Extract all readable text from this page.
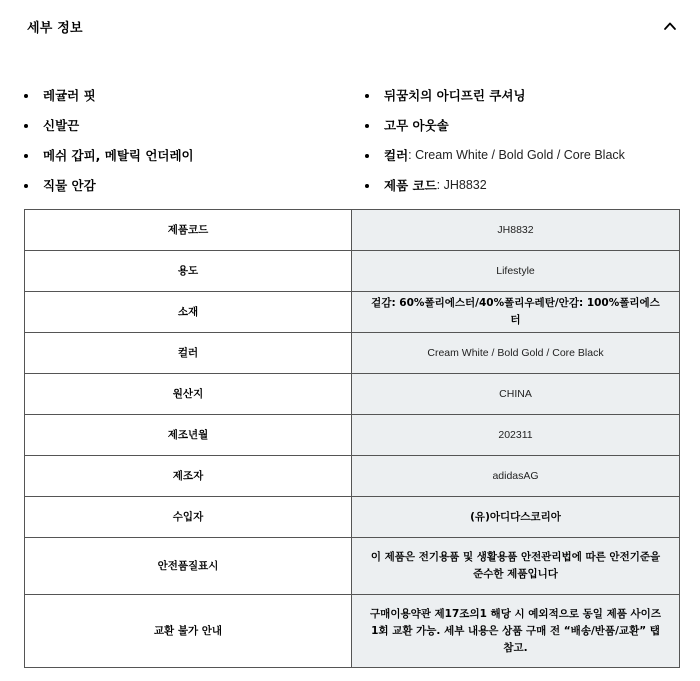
세부 정보
레귤러 핏
신발끈
메쉬 갑피, 메탈릭 언더레이
직물 안감
뒤꿈치의 아디프린 쿠셔닝
고무 아웃솔
컬러 : Cream White / Bold Gold / Core Black
제품 코드 : JH8832
제품코드	JH8832
용도	Lifestyle
소재	겉감: 60%폴리에스터/40%폴리우레탄/안감: 100%폴리에스터
컬러	Cream White / Bold Gold / Core Black
원산지	CHINA
제조년월	202311
제조자	adidasAG
수입자	(유)아디다스코리아
안전품질표시	이 제품은 전기용품 및 생활용품 안전관리법에 따른 안전기준을 준수한 제품입니다
교환 불가 안내	구매이용약관 제17조의1 해당 시 예외적으로 동일 제품 사이즈 1회 교환 가능. 세부 내용은 상품 구매 전 “배송/반품/교환” 탭 참고.
